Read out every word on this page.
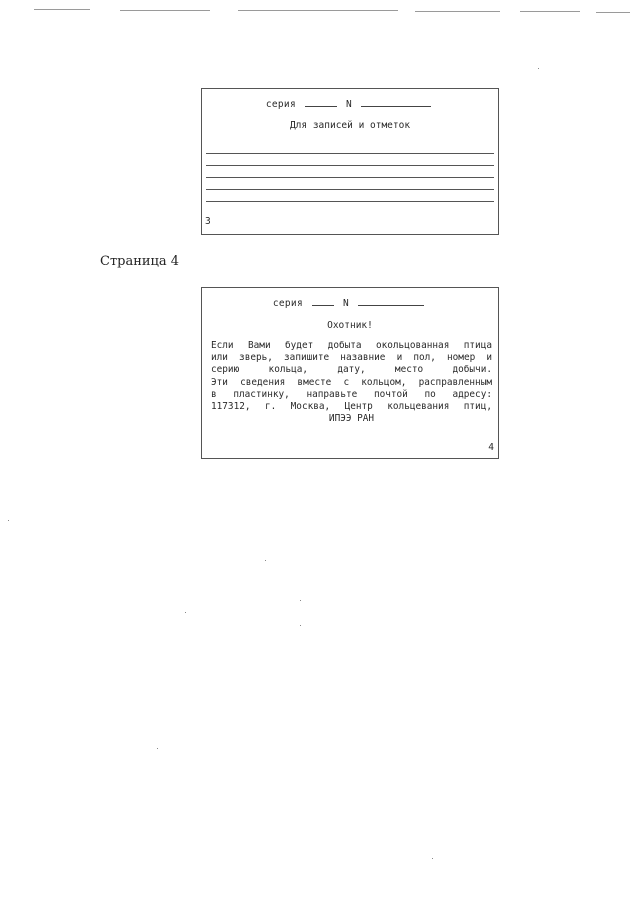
серия	N
Для записей и отметок
3
Страница 4
серия	N
Охотник!
Если Вами будет добыта окольцованная птица
или зверь, запишите назавние и пол, номер и
серию кольца, дату, место добычи.
Эти сведения вместе с кольцом, расправленным
в пластинку, направьте почтой по адресу:
117312, г. Москва, Центр кольцевания птиц,
ИПЭЭ РАН
4
